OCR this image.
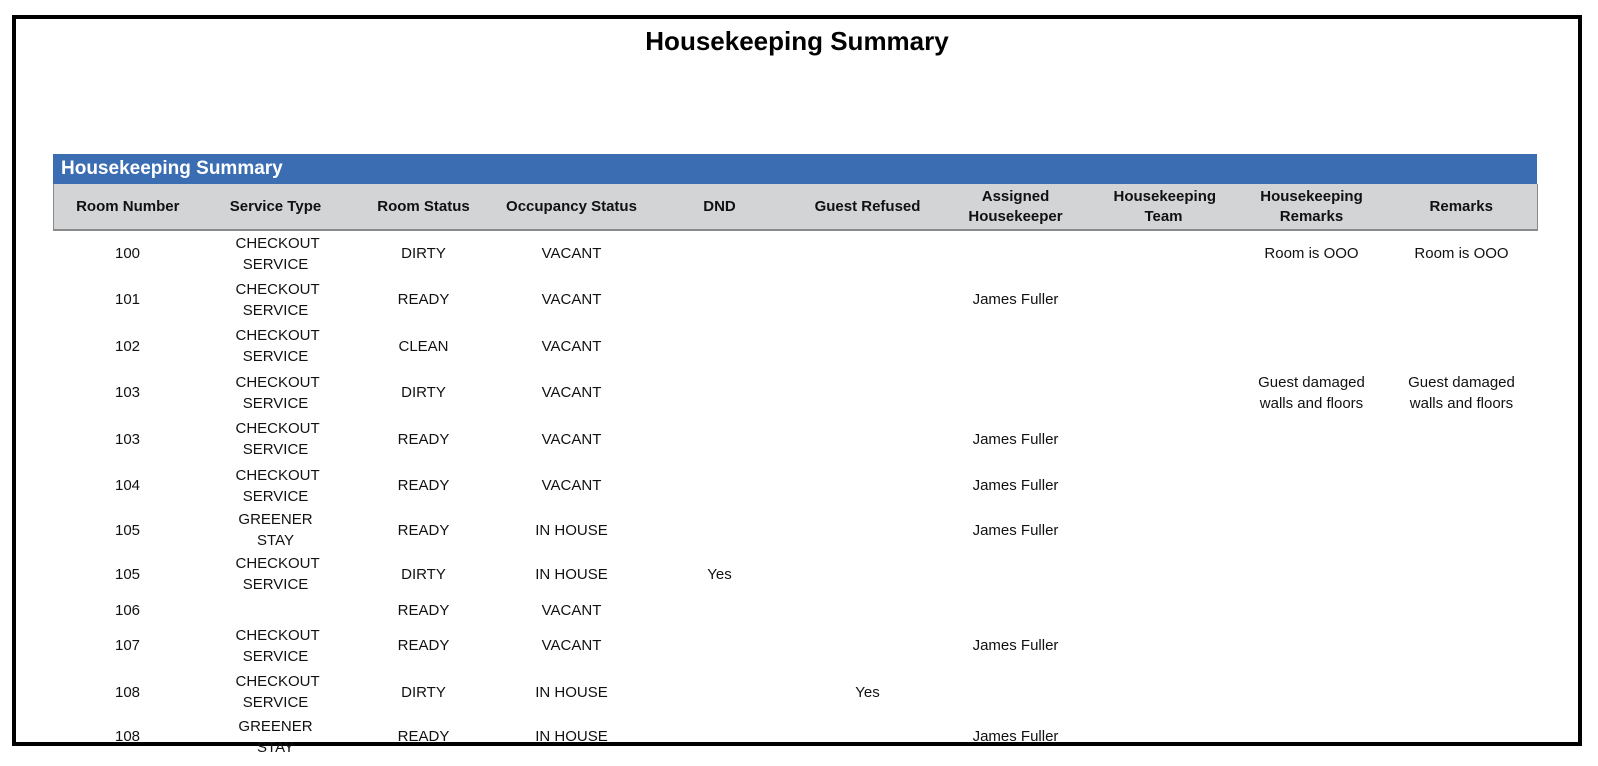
Housekeeping Summary
Housekeeping Summary
Room Number	Service Type	Room Status	Occupancy Status	DND	Guest Refused	Assigned Housekeeper	Housekeeping Team	Housekeeping Remarks	Remarks
100	CHECKOUT SERVICE	DIRTY	VACANT					Room is OOO	Room is OOO
101	CHECKOUT SERVICE	READY	VACANT			James Fuller			
102	CHECKOUT SERVICE	CLEAN	VACANT						
103	CHECKOUT SERVICE	DIRTY	VACANT					Guest damaged walls and floors	Guest damaged walls and floors
103	CHECKOUT SERVICE	READY	VACANT			James Fuller			
104	CHECKOUT SERVICE	READY	VACANT			James Fuller			
105	GREENER STAY	READY	IN HOUSE			James Fuller			
105	CHECKOUT SERVICE	DIRTY	IN HOUSE	Yes					
106		READY	VACANT						
107	CHECKOUT SERVICE	READY	VACANT			James Fuller			
108	CHECKOUT SERVICE	DIRTY	IN HOUSE		Yes				
108	GREENER STAY	READY	IN HOUSE			James Fuller			
